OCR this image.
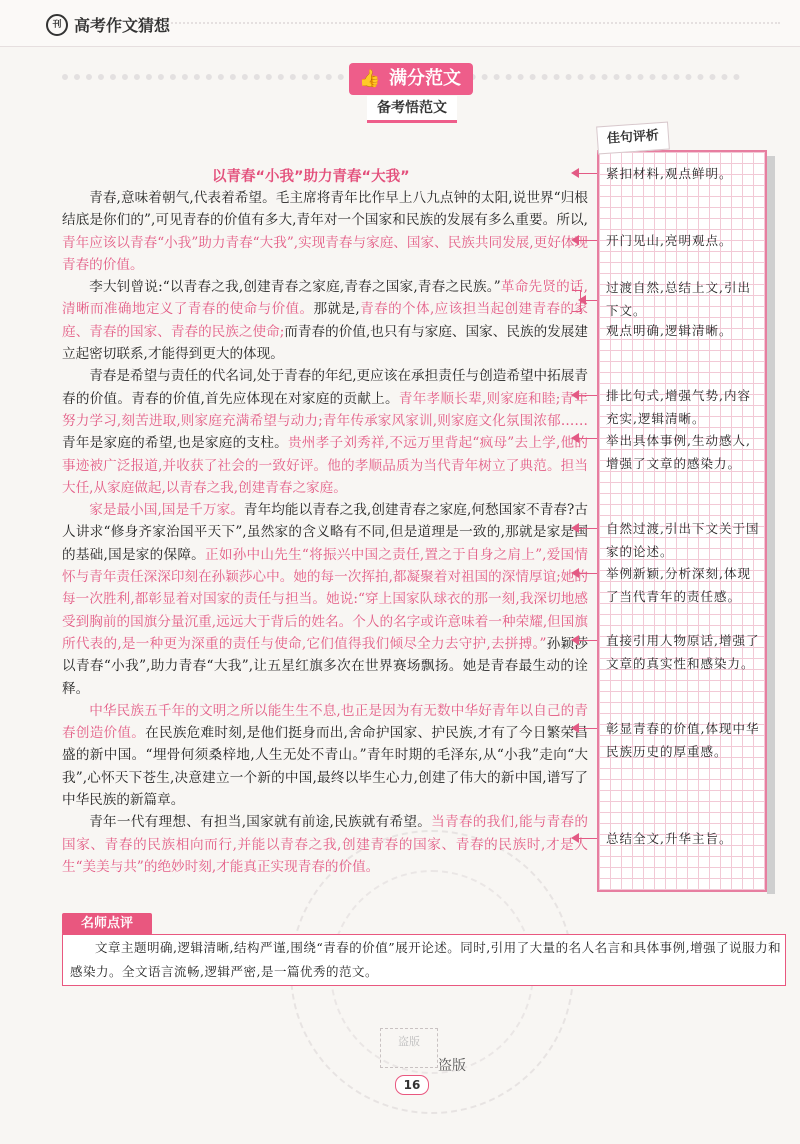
刊 高考作文猜想
👍 满分范文
备考悟范文
佳句评析
以青春“小我”助力青春“大我”

青春,意味着朝气,代表着希望。毛主席将青年比作早上八九点钟的太阳,说世界“归根结底是你们的”,可见青春的价值有多大,青年对一个国家和民族的发展有多么重要。所以,青年应该以青春“小我”助力青春“大我”,实现青春与家庭、国家、民族共同发展,更好体现青春的价值。

李大钊曾说:“以青春之我,创建青春之家庭,青春之国家,青春之民族。”革命先贤的话,清晰而准确地定义了青春的使命与价值。那就是,青春的个体,应该担当起创建青春的家庭、青春的国家、青春的民族之使命;而青春的价值,也只有与家庭、国家、民族的发展建立起密切联系,才能得到更大的体现。

青春是希望与责任的代名词,处于青春的年纪,更应该在承担责任与创造希望中拓展青春的价值。青春的价值,首先应体现在对家庭的贡献上。青年孝顺长辈,则家庭和睦;青年努力学习,刻苦进取,则家庭充满希望与动力;青年传承家风家训,则家庭文化氛围浓郁……青年是家庭的希望,也是家庭的支柱。贵州孝子刘秀祥,不远万里背起“疯母”去上学,他的事迹被广泛报道,并收获了社会的一致好评。他的孝顺品质为当代青年树立了典范。担当大任,从家庭做起,以青春之我,创建青春之家庭。

家是最小国,国是千万家。青年均能以青春之我,创建青春之家庭,何愁国家不青春?古人讲求“修身齐家治国平天下”,虽然家的含义略有不同,但是道理是一致的,那就是家是国的基础,国是家的保障。正如孙中山先生“将振兴中国之责任,置之于自身之肩上”,爱国情怀与青年责任深深印刻在孙颖莎心中。她的每一次挥拍,都凝聚着对祖国的深情厚谊;她的每一次胜利,都彰显着对国家的责任与担当。她说:“穿上国家队球衣的那一刻,我深切地感受到胸前的国旗分量沉重,远远大于背后的姓名。个人的名字或许意味着一种荣耀,但国旗所代表的,是一种更为深重的责任与使命,它们值得我们倾尽全力去守护,去拼搏。”孙颖莎以青春“小我”,助力青春“大我”,让五星红旗多次在世界赛场飘扬。她是青春最生动的诠释。

中华民族五千年的文明之所以能生生不息,也正是因为有无数中华好青年以自己的青春创造价值。在民族危难时刻,是他们挺身而出,舍命护国家、护民族,才有了今日繁荣昌盛的新中国。“埋骨何须桑梓地,人生无处不青山。”青年时期的毛泽东,从“小我”走向“大我”,心怀天下苍生,决意建立一个新的中国,最终以毕生心力,创建了伟大的新中国,谱写了中华民族的新篇章。

青年一代有理想、有担当,国家就有前途,民族就有希望。当青春的我们,能与青春的国家、青春的民族相向而行,并能以青春之我,创建青春的国家、青春的民族时,才是人生“美美与共”的绝妙时刻,才能真正实现青春的价值。

紧扣材料,观点鲜明。
开门见山,亮明观点。
过渡自然,总结上文,引出下文。
观点明确,逻辑清晰。
排比句式,增强气势,内容充实,逻辑清晰。
举出具体事例,生动感人,增强了文章的感染力。
自然过渡,引出下文关于国家的论述。
举例新颖,分析深刻,体现了当代青年的责任感。
直接引用人物原话,增强了文章的真实性和感染力。
彰显青春的价值,体现中华民族历史的厚重感。
总结全文,升华主旨。
名师点评
文章主题明确,逻辑清晰,结构严谨,围绕“青春的价值”展开论述。同时,引用了大量的名人名言和具体事例,增强了说服力和感染力。全文语言流畅,逻辑严密,是一篇优秀的范文。
盗版
盗版
16
